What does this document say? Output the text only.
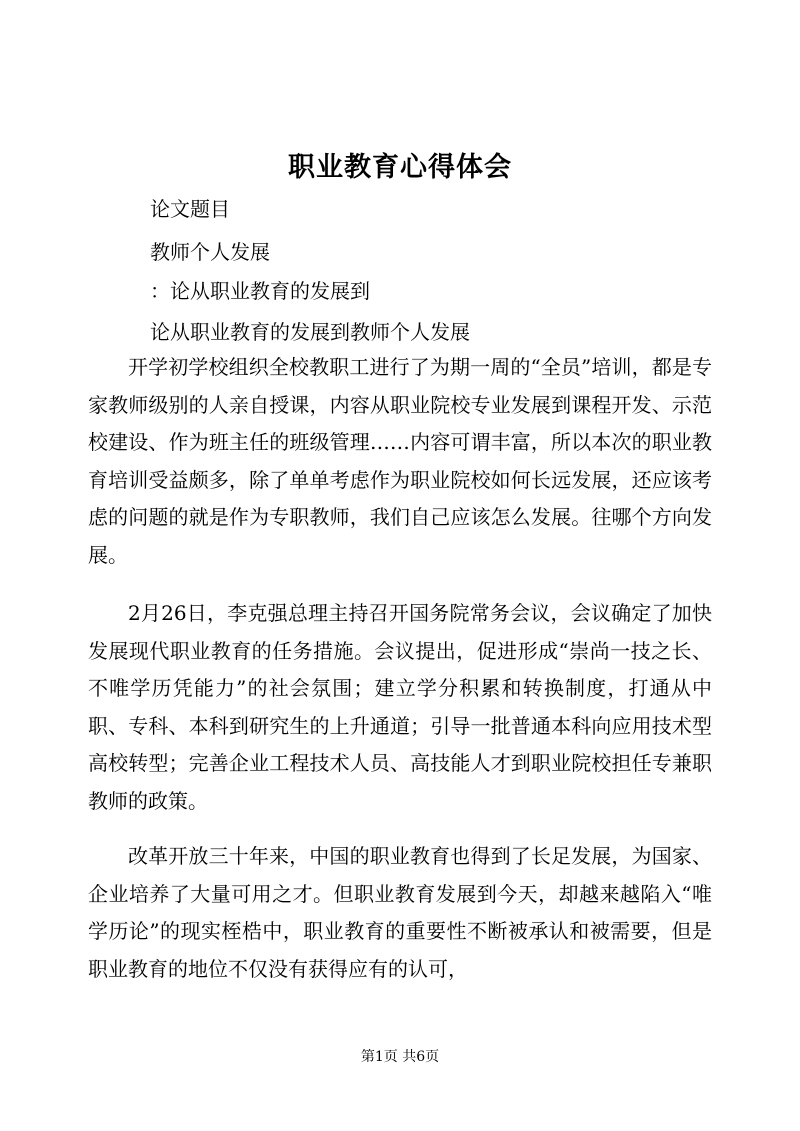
职业教育心得体会
论文题目
教师个人发展
：论从职业教育的发展到
论从职业教育的发展到教师个人发展
开学初学校组织全校教职工进行了为期一周的“全员”培训，都是专家教师级别的人亲自授课，内容从职业院校专业发展到课程开发、示范校建设、作为班主任的班级管理……内容可谓丰富，所以本次的职业教育培训受益颇多，除了单单考虑作为职业院校如何长远发展，还应该考虑的问题的就是作为专职教师，我们自己应该怎么发展。往哪个方向发展。
2月26日，李克强总理主持召开国务院常务会议，会议确定了加快发展现代职业教育的任务措施。会议提出，促进形成“崇尚一技之长、不唯学历凭能力”的社会氛围；建立学分积累和转换制度，打通从中职、专科、本科到研究生的上升通道；引导一批普通本科向应用技术型高校转型；完善企业工程技术人员、高技能人才到职业院校担任专兼职教师的政策。
改革开放三十年来，中国的职业教育也得到了长足发展，为国家、企业培养了大量可用之才。但职业教育发展到今天，却越来越陷入“唯学历论”的现实桎梏中，职业教育的重要性不断被承认和被需要，但是职业教育的地位不仅没有获得应有的认可，
第1页 共6页
